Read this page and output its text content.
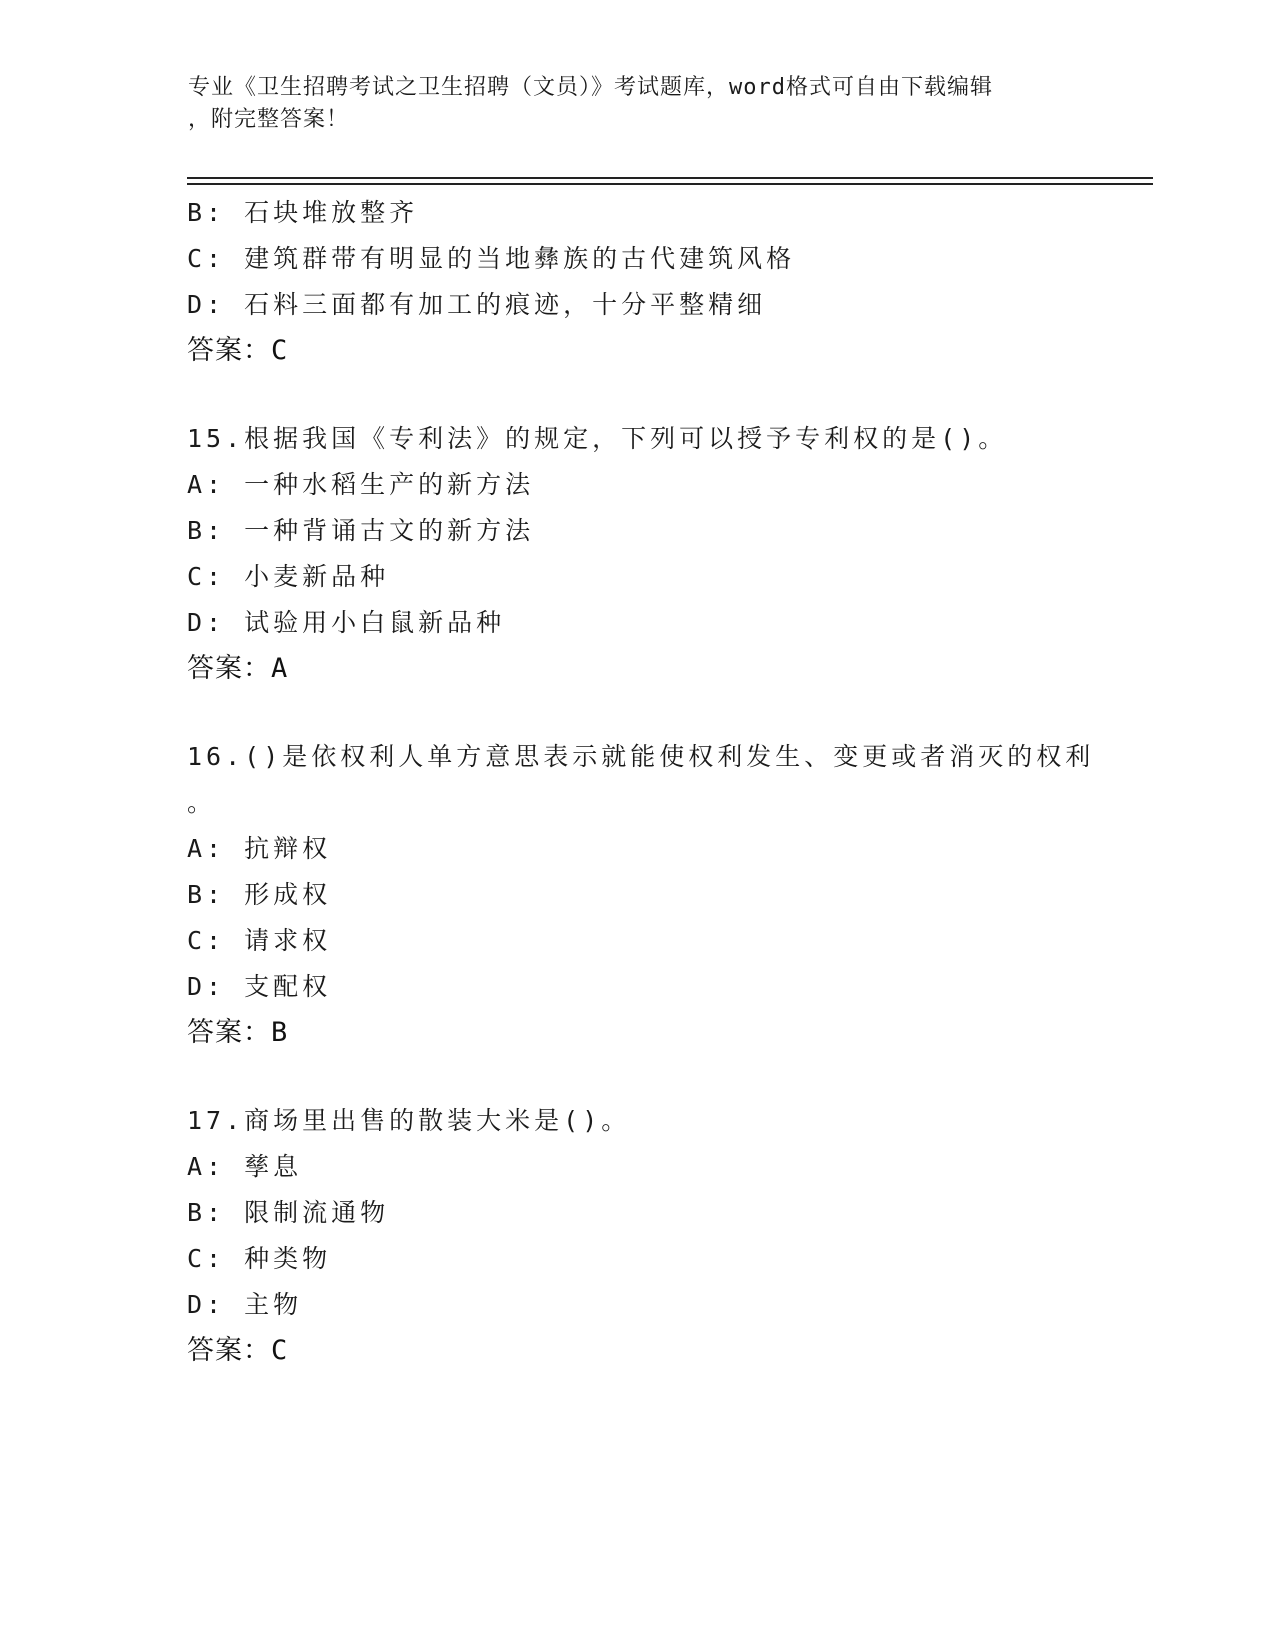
专业《卫生招聘考试之卫生招聘（文员）》考试题库，word格式可自由下载编辑
，附完整答案！
B: 石块堆放整齐
C: 建筑群带有明显的当地彝族的古代建筑风格
D: 石料三面都有加工的痕迹，十分平整精细
答案：C
15.根据我国《专利法》的规定，下列可以授予专利权的是()。
A: 一种水稻生产的新方法
B: 一种背诵古文的新方法
C: 小麦新品种
D: 试验用小白鼠新品种
答案：A
16.()是依权利人单方意思表示就能使权利发生、变更或者消灭的权利
。
A: 抗辩权
B: 形成权
C: 请求权
D: 支配权
答案：B
17.商场里出售的散装大米是()。
A: 孳息
B: 限制流通物
C: 种类物
D: 主物
答案：C
